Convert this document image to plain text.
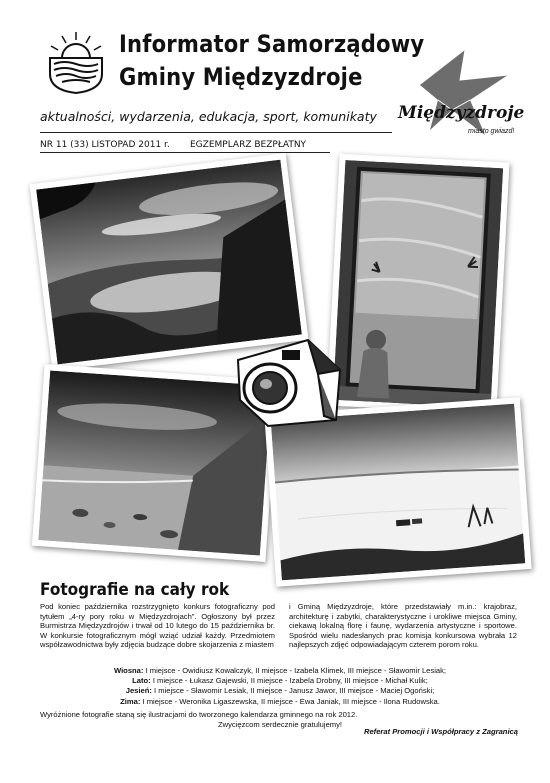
Informator Samorządowy
Gminy Międzyzdroje
aktualności, wydarzenia, edukacja, sport, komunikaty
NR 11 (33) LISTOPAD 2011 r. EGZEMPLARZ BEZPŁATNY
Międzyzdroje
miasto gwiazd!
Fotografie na cały rok
Pod koniec października rozstrzygnięto konkurs fotograficzny pod tytułem „4-ry pory roku w Międzyzdrojach”. Ogłoszony był przez Burmistrza Międzyzdrojów i trwał od 10 lutego do 15 października br. W konkursie fotograficznym mógł wziąć udział każdy. Przedmiotem współzawodnictwa były zdjęcia budzące dobre skojarzenia z miastem
i Gminą Międzyzdroje, które przedstawiały m.in.: krajobraz, architekturę i zabytki, charakterystyczne i urokliwe miejsca Gminy, ciekawą lokalną florę i faunę, wydarzenia artystyczne i sportowe. Spośród wielu nadesłanych prac komisja konkursowa wybrała 12 najlepszych zdjęć odpowiadającym czterem porom roku.
Wiosna: I miejsce - Owidiusz Kowalczyk, II miejsce - Izabela Klimek, III miejsce - Sławomir Lesiak;
Lato: I miejsce - Łukasz Gajewski, II miejsce - Izabela Drobny, III miejsce - Michał Kulik;
Jesień: I miejsce - Sławomir Lesiak, II miejsce - Janusz Jawor, III miejsce - Maciej Ogoński;
Zima: I miejsce - Weronika Ligaszewska, II miejsce - Ewa Janiak, III miejsce - Ilona Rudowska.
Wyróżnione fotografie staną się ilustracjami do tworzonego kalendarza gminnego na rok 2012.
Zwycięzcom serdecznie gratulujemy!
Referat Promocji i Współpracy z Zagranicą
